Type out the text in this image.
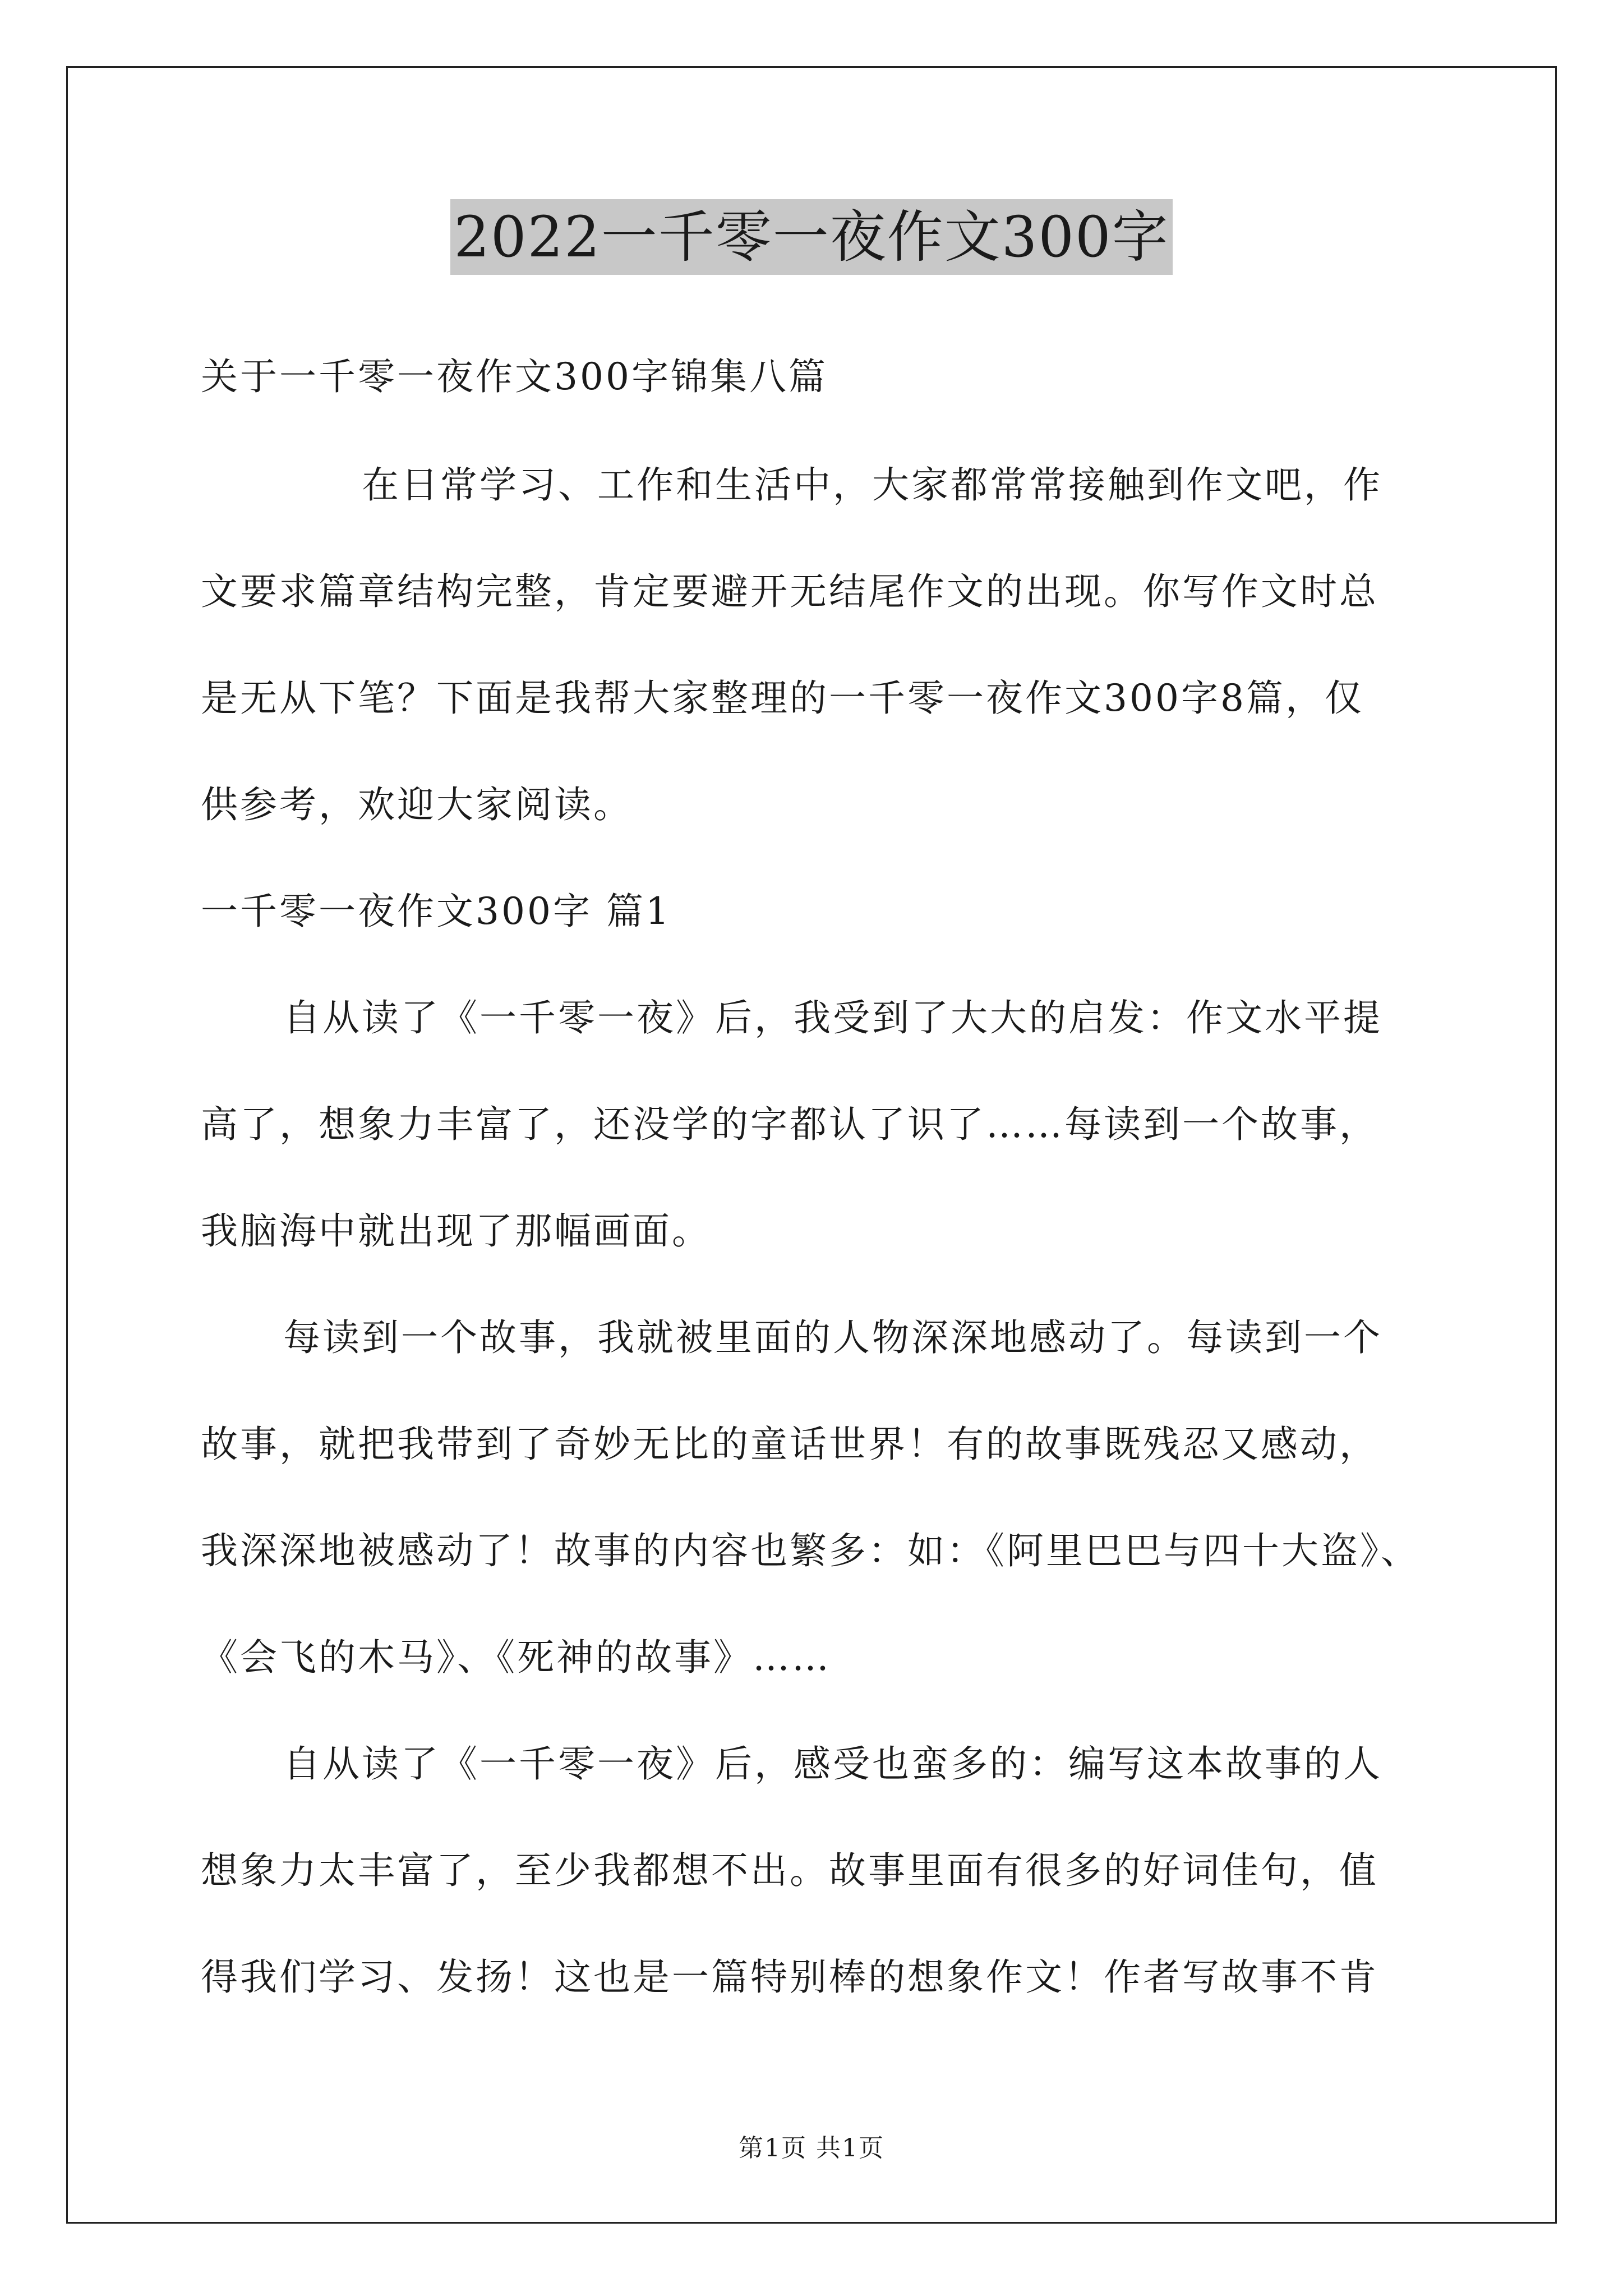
2022一千零一夜作文300字
关于一千零一夜作文300字锦集八篇
在日常学习、工作和生活中，大家都常常接触到作文吧，作
文要求篇章结构完整，肯定要避开无结尾作文的出现。你写作文时总
是无从下笔？下面是我帮大家整理的一千零一夜作文300字8篇，仅
供参考，欢迎大家阅读。
一千零一夜作文300字 篇1
自从读了《一千零一夜》后，我受到了大大的启发：作文水平提
高了，想象力丰富了，还没学的字都认了识了……每读到一个故事，
我脑海中就出现了那幅画面。
每读到一个故事，我就被里面的人物深深地感动了。每读到一个
故事，就把我带到了奇妙无比的童话世界！有的故事既残忍又感动，
我深深地被感动了！故事的内容也繁多：如：《阿里巴巴与四十大盗》、
《会飞的木马》、《死神的故事》……
自从读了《一千零一夜》后，感受也蛮多的：编写这本故事的人
想象力太丰富了，至少我都想不出。故事里面有很多的好词佳句，值
得我们学习、发扬！这也是一篇特别棒的想象作文！作者写故事不肯
第1页 共1页
